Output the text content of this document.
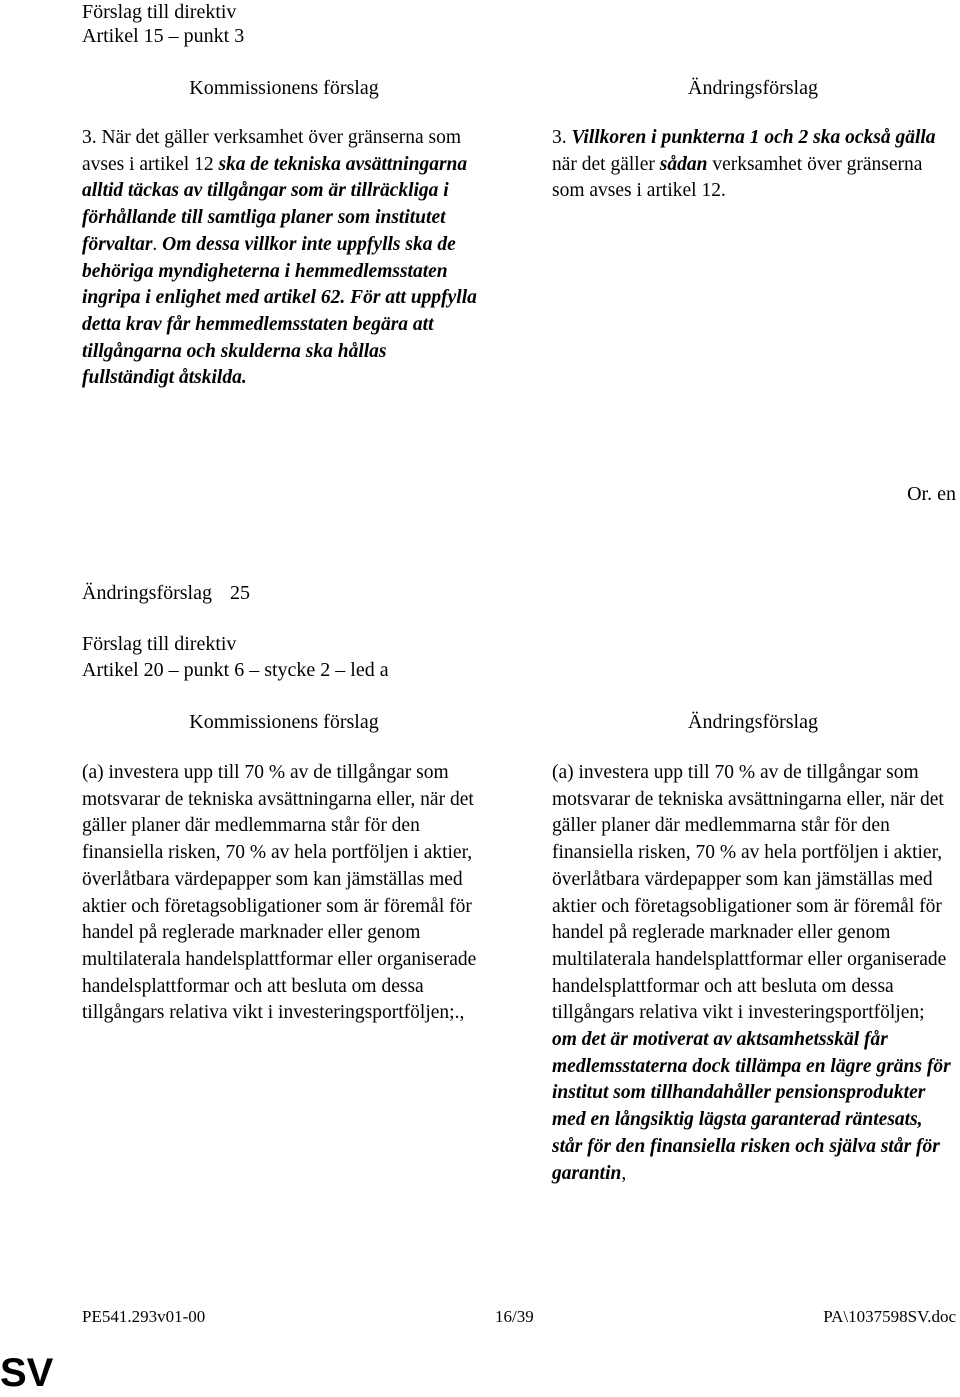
Förslag till direktiv
Artikel 15 – punkt 3
Kommissionens förslag	Ändringsförslag
3. När det gäller verksamhet över gränserna som avses i artikel 12 ska de tekniska avsättningarna alltid täckas av tillgångar som är tillräckliga i förhållande till samtliga planer som institutet förvaltar. Om dessa villkor inte uppfylls ska de behöriga myndigheterna i hemmedlemsstaten ingripa i enlighet med artikel 62. För att uppfylla detta krav får hemmedlemsstaten begära att tillgångarna och skulderna ska hållas fullständigt åtskilda.
3. Villkoren i punkterna 1 och 2 ska också gälla när det gäller sådan verksamhet över gränserna som avses i artikel 12.
Or. en
Ändringsförslag 25
Förslag till direktiv
Artikel 20 – punkt 6 – stycke 2 – led a
Kommissionens förslag	Ändringsförslag
(a) investera upp till 70 % av de tillgångar som motsvarar de tekniska avsättningarna eller, när det gäller planer där medlemmarna står för den finansiella risken, 70 % av hela portföljen i aktier, överlåtbara värdepapper som kan jämställas med aktier och företagsobligationer som är föremål för handel på reglerade marknader eller genom multilaterala handelsplattformar eller organiserade handelsplattformar och att besluta om dessa tillgångars relativa vikt i investeringsportföljen;.,
(a) investera upp till 70 % av de tillgångar som motsvarar de tekniska avsättningarna eller, när det gäller planer där medlemmarna står för den finansiella risken, 70 % av hela portföljen i aktier, överlåtbara värdepapper som kan jämställas med aktier och företagsobligationer som är föremål för handel på reglerade marknader eller genom multilaterala handelsplattformar eller organiserade handelsplattformar och att besluta om dessa tillgångars relativa vikt i investeringsportföljen; om det är motiverat av aktsamhetsskäl får medlemsstaterna dock tillämpa en lägre gräns för institut som tillhandahåller pensionsprodukter med en långsiktig lägsta garanterad räntesats, står för den finansiella risken och själva står för garantin,
PE541.293v01-00	16/39	PA\1037598SV.doc
SV
